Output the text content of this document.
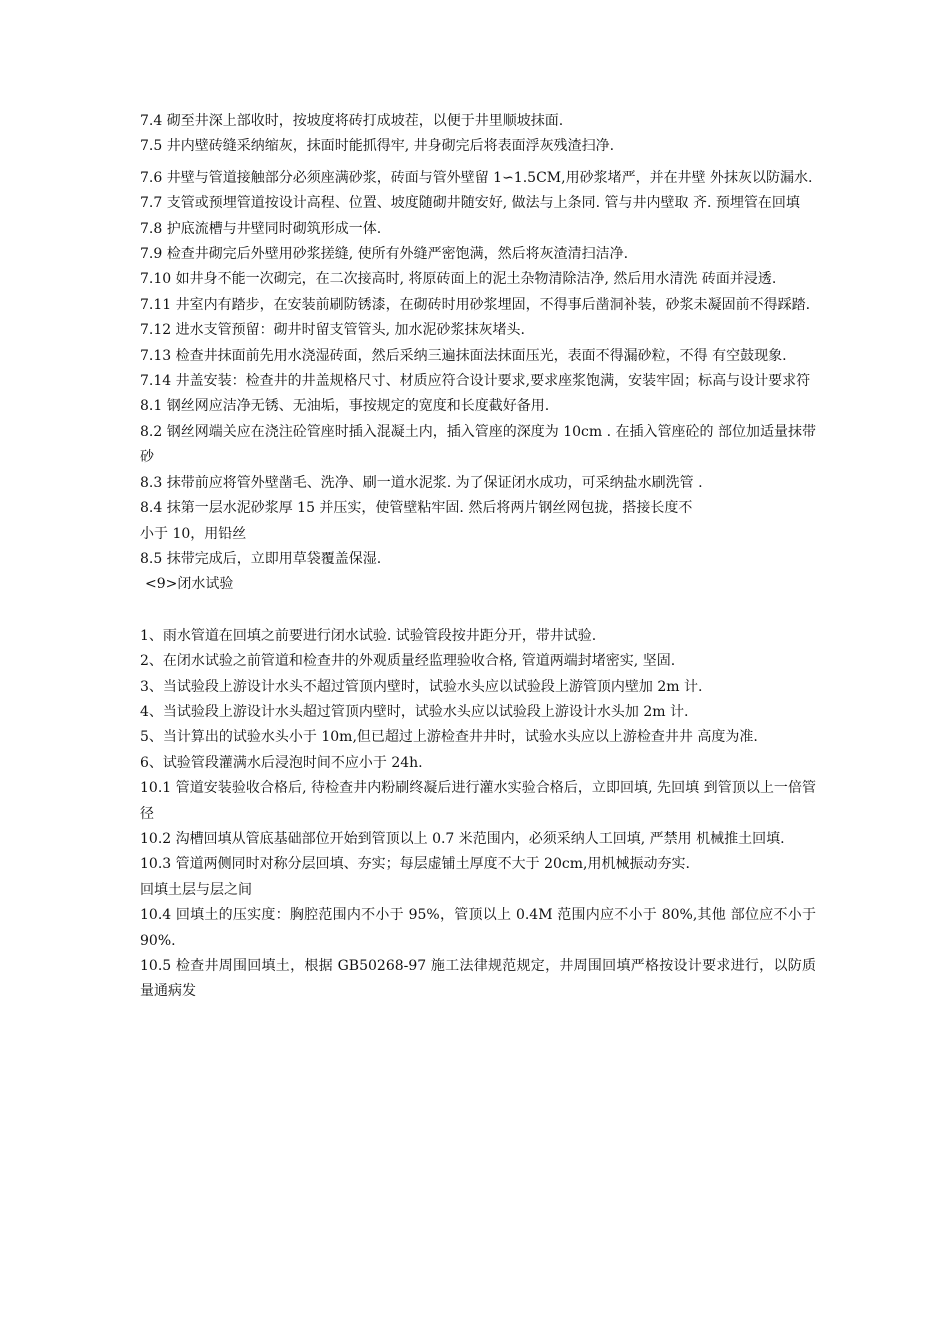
7.4 砌至井深上部收时，按坡度将砖打成坡茬，以便于井里顺坡抹面.

7.5 井内壁砖缝采纳缩灰，抹面时能抓得牢, 井身砌完后将表面浮灰残渣扫净.

7.6 井壁与管道接触部分必须座满砂浆，砖面与管外壁留 1∽1.5CM,用砂浆堵严，并在井壁 外抹灰以防漏水.

7.7 支管或预埋管道按设计高程、位置、坡度随砌井随安好, 做法与上条同. 管与井内壁取 齐. 预埋管在回填

7.8 护底流槽与井壁同时砌筑形成一体.

7.9 检查井砌完后外壁用砂浆搓缝, 使所有外缝严密饱满，然后将灰渣清扫洁净.

7.10 如井身不能一次砌完，在二次接高时, 将原砖面上的泥土杂物清除洁净, 然后用水清洗 砖面并浸透.

7.11 井室内有踏步，在安装前刷防锈漆，在砌砖时用砂浆埋固，不得事后凿洞补装，砂浆未凝固前不得踩踏.

7.12 进水支管预留：砌井时留支管管头, 加水泥砂浆抹灰堵头.

7.13 检查井抹面前先用水浇湿砖面，然后采纳三遍抹面法抹面压光，表面不得漏砂粒，不得 有空鼓现象.

7.14 井盖安装：检查井的井盖规格尺寸、材质应符合设计要求,要求座浆饱满，安装牢固；标高与设计要求符

8.1 钢丝网应洁净无锈、无油垢，事按规定的宽度和长度截好备用.

8.2 钢丝网端关应在浇注砼管座时插入混凝土内，插入管座的深度为 10cm . 在插入管座砼的 部位加适量抹带砂

8.3 抹带前应将管外壁凿毛、洗净、刷一道水泥浆. 为了保证闭水成功，可采纳盐水刷洗管 .

8.4 抹第一层水泥砂浆厚 15 并压实，使管壁粘牢固. 然后将两片钢丝网包拢，搭接长度不

小于 10，用铅丝

8.5 抹带完成后，立即用草袋覆盖保湿.

<9>闭水试验

1、雨水管道在回填之前要进行闭水试验. 试验管段按井距分开，带井试验.

2、在闭水试验之前管道和检查井的外观质量经监理验收合格, 管道两端封堵密实, 坚固.

3、当试验段上游设计水头不超过管顶内壁时，试验水头应以试验段上游管顶内壁加 2m 计.

4、当试验段上游设计水头超过管顶内壁时，试验水头应以试验段上游设计水头加 2m 计.

5、当计算出的试验水头小于 10m,但已超过上游检查井井时，试验水头应以上游检查井井 高度为准.

6、试验管段灌满水后浸泡时间不应小于 24h.

10.1 管道安装验收合格后, 待检查井内粉刷终凝后进行灌水实验合格后，立即回填, 先回填 到管顶以上一倍管径

10.2 沟槽回填从管底基础部位开始到管顶以上 0.7 米范围内，必须采纳人工回填, 严禁用 机械推土回填.

10.3 管道两侧同时对称分层回填、夯实；每层虚铺土厚度不大于 20cm,用机械振动夯实.

回填土层与层之间

10.4 回填土的压实度：胸腔范围内不小于 95%，管顶以上 0.4M 范围内应不小于 80%,其他 部位应不小于 90%.

10.5 检查井周围回填土，根据 GB50268-97 施工法律规范规定，井周围回填严格按设计要求进行，以防质量通病发
